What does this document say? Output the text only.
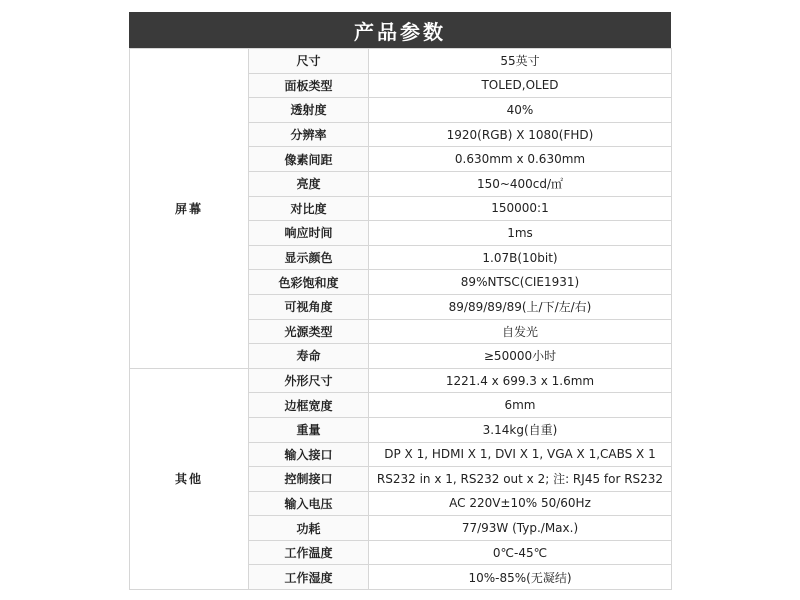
产品参数
屏幕	尺寸	55英寸
	面板类型	TOLED,OLED
	透射度	40%
	分辨率	1920(RGB) X 1080(FHD)
	像素间距	0.630mm x 0.630mm
	亮度	150~400cd/㎡
	对比度	150000:1
	响应时间	1ms
	显示颜色	1.07B(10bit)
	色彩饱和度	89%NTSC(CIE1931)
	可视角度	89/89/89/89(上/下/左/右)
	光源类型	自发光
	寿命	≥50000小时
其他	外形尺寸	1221.4 x 699.3 x 1.6mm
	边框宽度	6mm
	重量	3.14kg(自重)
	输入接口	DP X 1, HDMI X 1, DVI X 1, VGA X 1,CABS X 1
	控制接口	RS232 in x 1, RS232 out x 2; 注: RJ45 for RS232
	输入电压	AC 220V±10% 50/60Hz
	功耗	77/93W (Typ./Max.)
	工作温度	0℃-45℃
	工作湿度	10%-85%(无凝结)
